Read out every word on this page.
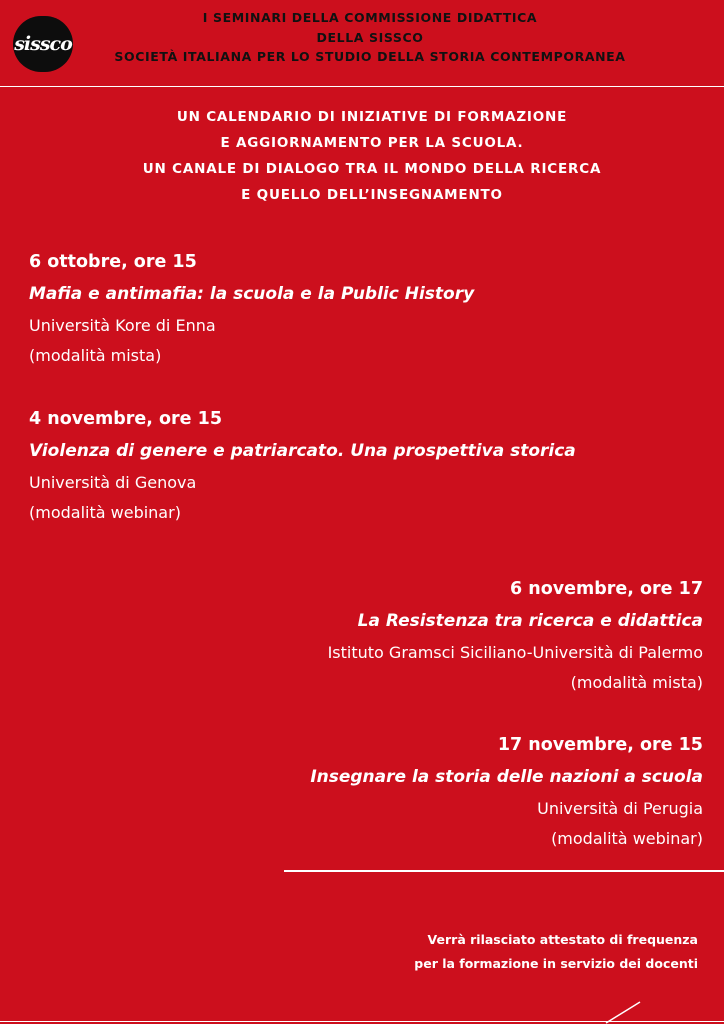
sissco
I SEMINARI DELLA COMMISSIONE DIDATTICA
DELLA SISSCO
SOCIETÀ ITALIANA PER LO STUDIO DELLA STORIA CONTEMPORANEA
UN CALENDARIO DI INIZIATIVE DI FORMAZIONE
E AGGIORNAMENTO PER LA SCUOLA.
UN CANALE DI DIALOGO TRA IL MONDO DELLA RICERCA
E QUELLO DELL’INSEGNAMENTO
6 ottobre, ore 15
Mafia e antimafia: la scuola e la Public History
Università Kore di Enna
(modalità mista)
4 novembre, ore 15
Violenza di genere e patriarcato. Una prospettiva storica
Università di Genova
(modalità webinar)
6 novembre, ore 17
La Resistenza tra ricerca e didattica
Istituto Gramsci Siciliano-Università di Palermo
(modalità mista)
17 novembre, ore 15
Insegnare la storia delle nazioni a scuola
Università di Perugia
(modalità webinar)
Verrà rilasciato attestato di frequenza
per la formazione in servizio dei docenti
